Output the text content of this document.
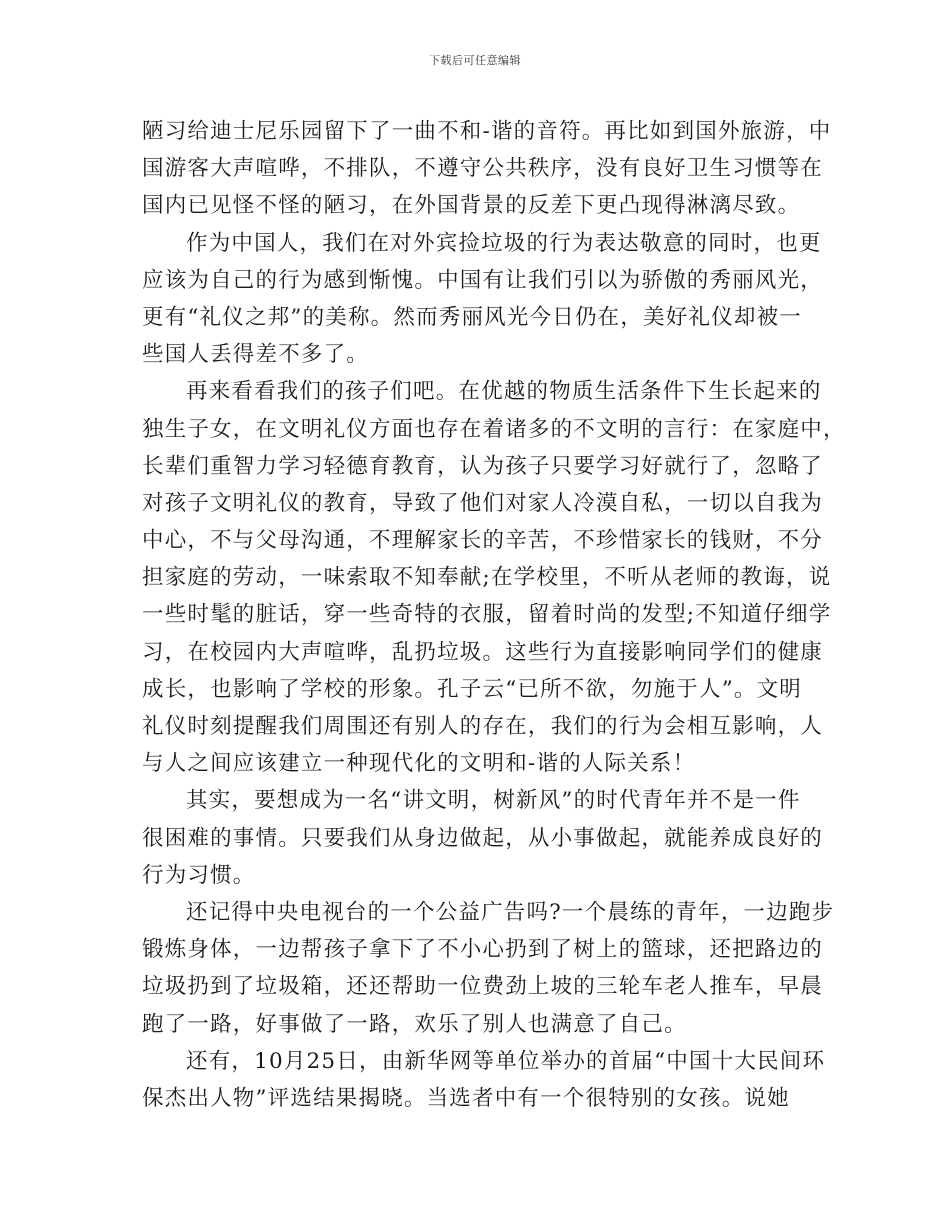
下载后可任意编辑
陋习给迪士尼乐园留下了一曲不和-谐的音符。再比如到国外旅游，中
国游客大声喧哗，不排队，不遵守公共秩序，没有良好卫生习惯等在
国内已见怪不怪的陋习，在外国背景的反差下更凸现得淋漓尽致。
作为中国人，我们在对外宾捡垃圾的行为表达敬意的同时，也更
应该为自己的行为感到惭愧。中国有让我们引以为骄傲的秀丽风光，
更有“礼仪之邦”的美称。然而秀丽风光今日仍在，美好礼仪却被一
些国人丢得差不多了。
再来看看我们的孩子们吧。在优越的物质生活条件下生长起来的
独生子女，在文明礼仪方面也存在着诸多的不文明的言行：在家庭中，
长辈们重智力学习轻德育教育，认为孩子只要学习好就行了，忽略了
对孩子文明礼仪的教育，导致了他们对家人冷漠自私，一切以自我为
中心，不与父母沟通，不理解家长的辛苦，不珍惜家长的钱财，不分
担家庭的劳动，一味索取不知奉献;在学校里，不听从老师的教诲，说
一些时髦的脏话，穿一些奇特的衣服，留着时尚的发型;不知道仔细学
习，在校园内大声喧哗，乱扔垃圾。这些行为直接影响同学们的健康
成长，也影响了学校的形象。孔子云“已所不欲，勿施于人”。文明
礼仪时刻提醒我们周围还有别人的存在，我们的行为会相互影响，人
与人之间应该建立一种现代化的文明和-谐的人际关系！
其实，要想成为一名“讲文明，树新风”的时代青年并不是一件
很困难的事情。只要我们从身边做起，从小事做起，就能养成良好的
行为习惯。
还记得中央电视台的一个公益广告吗?一个晨练的青年，一边跑步
锻炼身体，一边帮孩子拿下了不小心扔到了树上的篮球，还把路边的
垃圾扔到了垃圾箱，还还帮助一位费劲上坡的三轮车老人推车，早晨
跑了一路，好事做了一路，欢乐了别人也满意了自己。
还有，10月25日，由新华网等单位举办的首届“中国十大民间环
保杰出人物”评选结果揭晓。当选者中有一个很特别的女孩。说她
